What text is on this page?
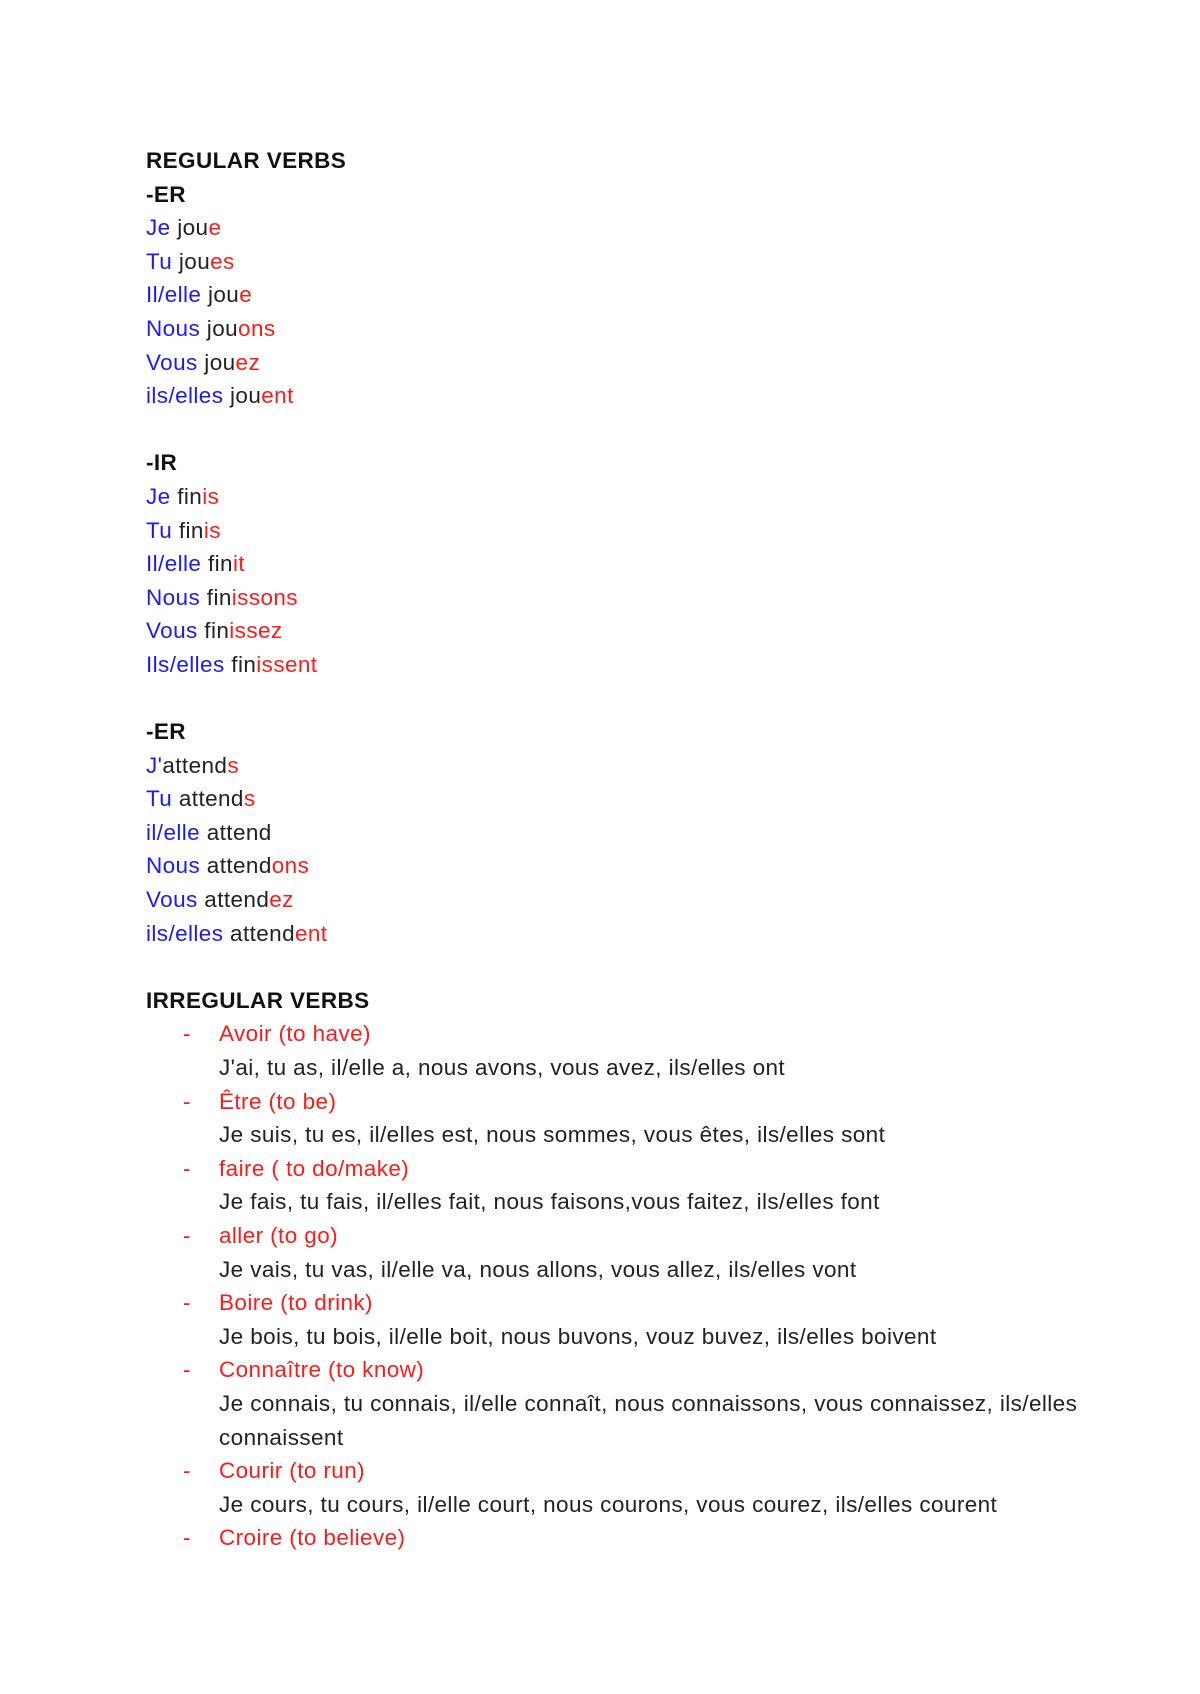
REGULAR VERBS
-ER
Je joue
Tu joues
Il/elle joue
Nous jouons
Vous jouez
ils/elles jouent
-IR
Je finis
Tu finis
Il/elle finit
Nous finissons
Vous finissez
Ils/elles finissent
-ER
J'attends
Tu attends
il/elle attend
Nous attendons
Vous attendez
ils/elles attendent
IRREGULAR VERBS
- Avoir (to have)
J'ai, tu as, il/elle a, nous avons, vous avez, ils/elles ont
- Être (to be)
Je suis, tu es, il/elles est, nous sommes, vous êtes, ils/elles sont
- faire ( to do/make)
Je fais, tu fais, il/elles fait, nous faisons,vous faitez, ils/elles font
- aller (to go)
Je vais, tu vas, il/elle va, nous allons, vous allez, ils/elles vont
- Boire (to drink)
Je bois, tu bois, il/elle boit, nous buvons, vouz buvez, ils/elles boivent
- Connaître (to know)
Je connais, tu connais, il/elle connaît, nous connaissons, vous connaissez, ils/elles connaissent
- Courir (to run)
Je cours, tu cours, il/elle court, nous courons, vous courez, ils/elles courent
- Croire (to believe)
